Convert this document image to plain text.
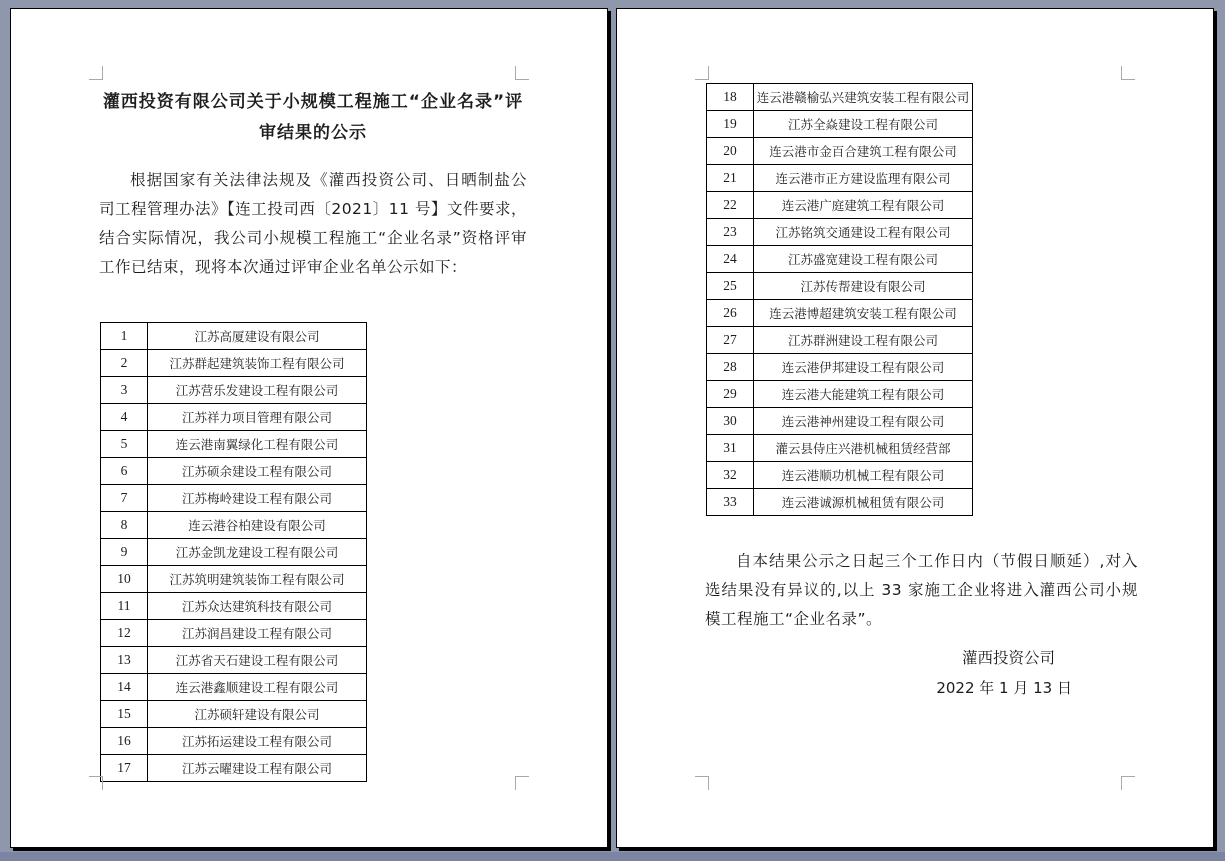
灌西投资有限公司关于小规模工程施工“企业名录”评
审结果的公示
根据国家有关法律法规及《灌西投资公司、日晒制盐公司工程管理办法》【连工投司西〔2021〕11 号】文件要求，结合实际情况，我公司小规模工程施工“企业名录”资格评审工作已结束，现将本次通过评审企业名单公示如下：
1	江苏高厦建设有限公司
2	江苏群起建筑装饰工程有限公司
3	江苏营乐发建设工程有限公司
4	江苏祥力项目管理有限公司
5	连云港南翼绿化工程有限公司
6	江苏硕余建设工程有限公司
7	江苏梅岭建设工程有限公司
8	连云港谷柏建设有限公司
9	江苏金凯龙建设工程有限公司
10	江苏筑明建筑装饰工程有限公司
11	江苏众达建筑科技有限公司
12	江苏润昌建设工程有限公司
13	江苏省天石建设工程有限公司
14	连云港鑫顺建设工程有限公司
15	江苏硕轩建设有限公司
16	江苏拓运建设工程有限公司
17	江苏云曜建设工程有限公司
18	连云港赣榆弘兴建筑安装工程有限公司
19	江苏全焱建设工程有限公司
20	连云港市金百合建筑工程有限公司
21	连云港市正方建设监理有限公司
22	连云港广庭建筑工程有限公司
23	江苏铭筑交通建设工程有限公司
24	江苏盛宽建设工程有限公司
25	江苏传帮建设有限公司
26	连云港博超建筑安装工程有限公司
27	江苏群洲建设工程有限公司
28	连云港伊邦建设工程有限公司
29	连云港大能建筑工程有限公司
30	连云港神州建设工程有限公司
31	灌云县侍庄兴港机械租赁经营部
32	连云港顺功机械工程有限公司
33	连云港诚源机械租赁有限公司
自本结果公示之日起三个工作日内（节假日顺延）,对入选结果没有异议的,以上 33 家施工企业将进入灌西公司小规模工程施工“企业名录”。
灌西投资公司
2022 年 1 月 13 日
